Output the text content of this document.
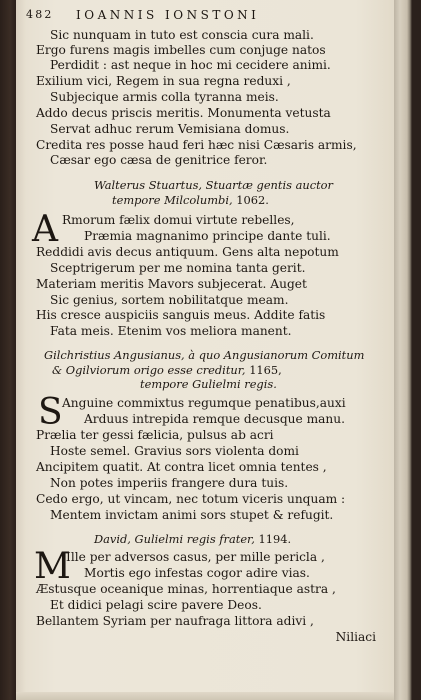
482 IOANNIS IONSTONI
Sic nunquam in tuto est conscia cura mali.
Ergo furens magis imbelles cum conjuge natos
Perdidit : ast neque in hoc mi cecidere animi.
Exilium vici, Regem in sua regna reduxi ,
Subjecique armis colla tyranna meis.
Addo decus priscis meritis. Monumenta vetusta
Servat adhuc rerum Vemisiana domus.
Credita res posse haud feri hæc nisi Cæsaris armis,
Cæsar ego cæsa de genitrice feror.
Walterus Stuartus, Stuartæ gentis auctor
tempore Milcolumbi, 1062.
A Rmorum fælix domui virtute rebelles,
Præmia magnanimo principe dante tuli.
Reddidi avis decus antiquum. Gens alta nepotum
Sceptrigerum per me nomina tanta gerit.
Materiam meritis Mavors subjecerat. Auget
Sic genius, sortem nobilitatque meam.
His cresce auspiciis sanguis meus. Addite fatis
Fata meis. Etenim vos meliora manent.
Gilchristius Angusianus, à quo Angusianorum Comitum
& Ogilviorum origo esse creditur, 1165,
tempore Gulielmi regis.
S Anguine commixtus regumque penatibus,auxi
Arduus intrepida remque decusque manu.
Prælia ter gessi fælicia, pulsus ab acri
Hoste semel. Gravius sors violenta domi
Ancipitem quatit. At contra licet omnia tentes ,
Non potes imperiis frangere dura tuis.
Cedo ergo, ut vincam, nec totum viceris unquam :
Mentem invictam animi sors stupet & refugit.
David, Gulielmi regis frater, 1194.
M
Ille per adversos casus, per mille pericla ,
Mortis ego infestas cogor adire vias.
Æstusque oceanique minas, horrentiaque astra ,
Et didici pelagi scire pavere Deos.
Bellantem Syriam per naufraga littora adivi ,
Niliaci
